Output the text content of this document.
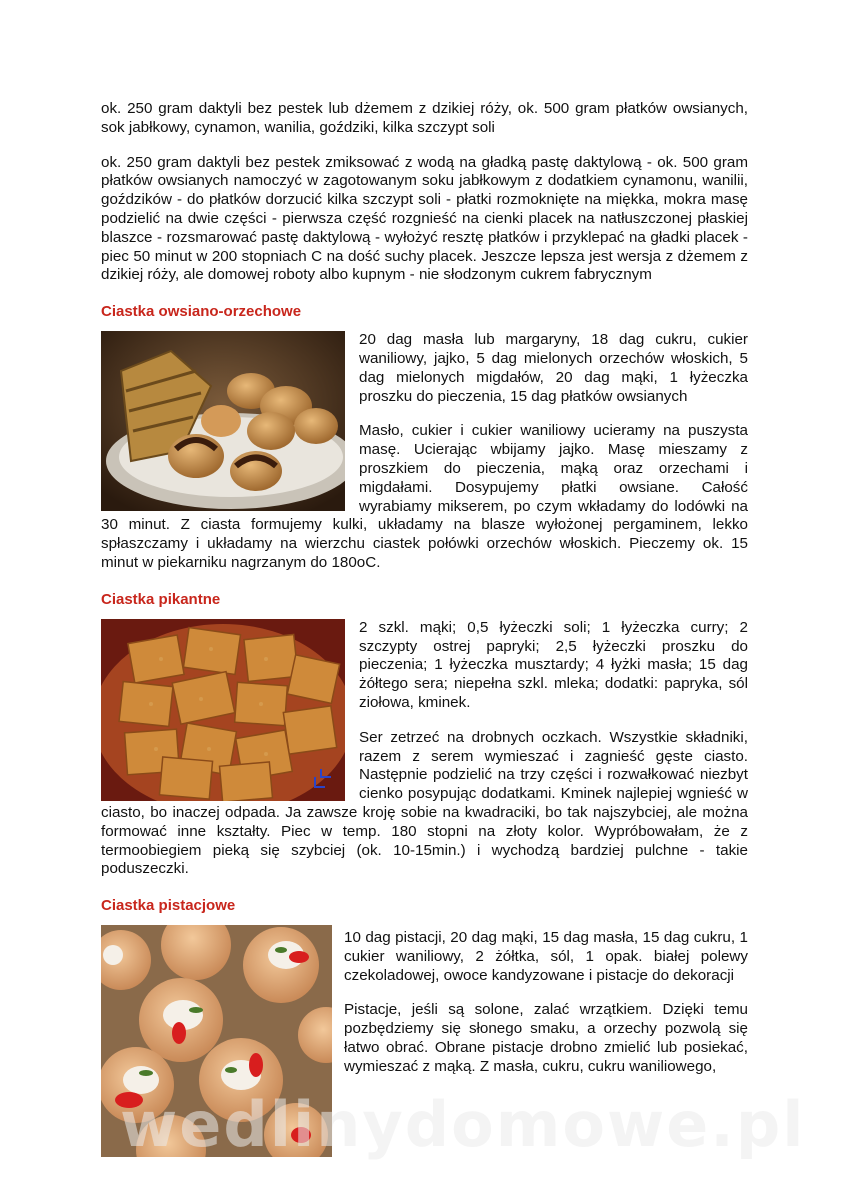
ok. 250 gram daktyli bez pestek lub dżemem z dzikiej róży, ok. 500 gram płatków owsianych, sok jabłkowy, cynamon, wanilia, goździki, kilka szczypt soli

ok. 250 gram daktyli bez pestek zmiksować z wodą na gładką pastę daktylową - ok. 500 gram płatków owsianych namoczyć w zagotowanym soku jabłkowym z dodatkiem cynamonu, wanilii, goździków - do płatków dorzucić kilka szczypt soli - płatki rozmoknięte na miękka, mokra masę podzielić na dwie części - pierwsza część rozgnieść na cienki placek na natłuszczonej płaskiej blaszce - rozsmarować pastę daktylową - wyłożyć resztę płatków i przyklepać na gładki placek - piec 50 minut w 200 stopniach C na dość suchy placek. Jeszcze lepsza jest wersja z dżemem z dzikiej róży, ale domowej roboty albo kupnym - nie słodzonym cukrem fabrycznym

Ciastka owsiano-orzechowe

20 dag masła lub margaryny, 18 dag cukru, cukier waniliowy, jajko, 5 dag mielonych orzechów włoskich, 5 dag mielonych migdałów, 20 dag mąki, 1 łyżeczka proszku do pieczenia, 15 dag płatków owsianych

Masło, cukier i cukier waniliowy ucieramy na puszysta masę. Ucierając wbijamy jajko. Masę mieszamy z proszkiem do pieczenia, mąką oraz orzechami i migdałami. Dosypujemy płatki owsiane. Całość wyrabiamy mikserem, po czym wkładamy do lodówki na 30 minut. Z ciasta formujemy kulki, układamy na blasze wyłożonej pergaminem, lekko spłaszczamy i układamy na wierzchu ciastek połówki orzechów włoskich. Pieczemy ok. 15 minut w piekarniku nagrzanym do 180oC.

Ciastka pikantne

2 szkl. mąki; 0,5 łyżeczki soli; 1 łyżeczka curry; 2 szczypty ostrej papryki; 2,5 łyżeczki proszku do pieczenia; 1 łyżeczka musztardy; 4 łyżki masła; 15 dag żółtego sera; niepełna szkl. mleka; dodatki: papryka, sól ziołowa, kminek.

Ser zetrzeć na drobnych oczkach. Wszystkie składniki, razem z serem wymieszać i zagnieść gęste ciasto. Następnie podzielić na trzy części i rozwałkować niezbyt cienko posypując dodatkami. Kminek najlepiej wgnieść w ciasto, bo inaczej odpada. Ja zawsze kroję sobie na kwadraciki, bo tak najszybciej, ale można formować inne kształty. Piec w temp. 180 stopni na złoty kolor. Wypróbowałam, że z termoobiegiem pieką się szybciej (ok. 10-15min.) i wychodzą bardziej pulchne - takie poduszeczki.

Ciastka pistacjowe

10 dag pistacji, 20 dag mąki, 15 dag masła, 15 dag cukru, 1 cukier waniliowy, 2 żółtka, sól, 1 opak. białej polewy czekoladowej, owoce kandyzowane i pistacje do dekoracji

Pistacje, jeśli są solone, zalać wrzątkiem. Dzięki temu pozbędziemy się słonego smaku, a orzechy pozwolą się łatwo obrać. Obrane pistacje drobno zmielić lub posiekać, wymieszać z mąką. Z masła, cukru, cukru waniliowego,

wedlinydomowe.pl
